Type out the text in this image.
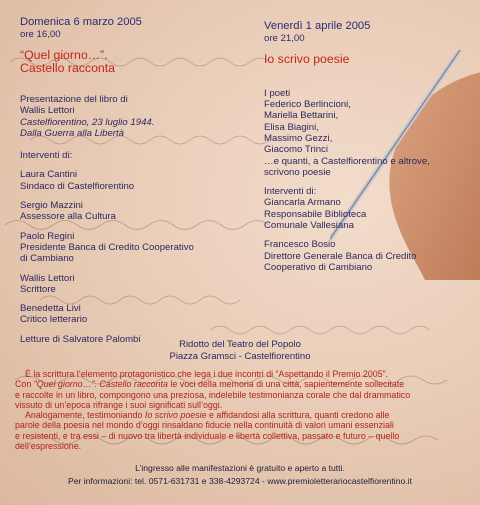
Domenica 6 marzo 2005
ore 16,00
“Quel giorno…”.
Castello racconta
Presentazione del libro di
Wallis Lettori
Castelfiorentino, 23 luglio 1944.
Dalla Guerra alla Libertà
Interventi di:
Laura Cantini
Sindaco di Castelfiorentino
Sergio Mazzini
Assessore alla Cultura
Paolo Regini
Presidente Banca di Credito Cooperativo
di Cambiano
Wallis Lettori
Scrittore
Benedetta Livi
Critico letterario
Letture di Salvatore Palombi
Venerdì 1 aprile 2005
ore 21,00
Io scrivo poesie
I poeti
Federico Berlincioni,
Mariella Bettarini,
Elisa Biagini,
Massimo Gezzi,
Giacomo Trinci
…e quanti, a Castelfiorentino e altrove,
scrivono poesie
Interventi di:
Giancarla Armano
Responsabile Biblioteca
Comunale Vallesiana
Francesco Bosio
Direttore Generale Banca di Credito
Cooperativo di Cambiano
Ridotto del Teatro del Popolo
Piazza Gramsci - Castelfiorentino
È la scrittura l’elemento protagonistico che lega i due incontri di “Aspettando il Premio 2005”.
Con “Quel giorno…”. Castello racconta le voci della memoria di una città, sapientemente sollecitate
e raccolte in un libro, compongono una preziosa, indelebile testimonianza corale che dal drammatico
vissuto di un’epoca rifrange i suoi significati sull’oggi.
Analogamente, testimoniando Io scrivo poesie e affidandosi alla scrittura, quanti credono alle
parole della poesia nel mondo d’oggi rinsaldano fiducie nella continuità di valori umani essenziali
e resistenti, e tra essi – di nuovo tra libertà individuale e libertà collettiva, passato e futuro – quello
dell’espressione.
L’ingresso alle manifestazioni è gratuito e aperto a tutti.
Per informazioni: tel. 0571-631731 e 338-4293724 - www.premioletterariocastelfiorentino.it
